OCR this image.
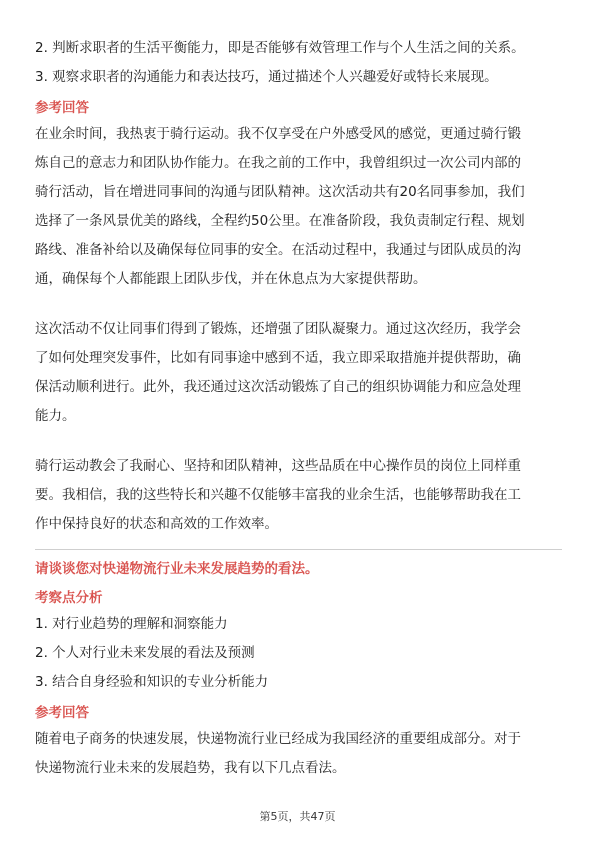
2. 判断求职者的生活平衡能力，即是否能够有效管理工作与个人生活之间的关系。
3. 观察求职者的沟通能力和表达技巧，通过描述个人兴趣爱好或特长来展现。
参考回答
在业余时间，我热衷于骑行运动。我不仅享受在户外感受风的感觉，更通过骑行锻
炼自己的意志力和团队协作能力。在我之前的工作中，我曾组织过一次公司内部的
骑行活动，旨在增进同事间的沟通与团队精神。这次活动共有20名同事参加，我们
选择了一条风景优美的路线，全程约50公里。在准备阶段，我负责制定行程、规划
路线、准备补给以及确保每位同事的安全。在活动过程中，我通过与团队成员的沟
通，确保每个人都能跟上团队步伐，并在休息点为大家提供帮助。
这次活动不仅让同事们得到了锻炼，还增强了团队凝聚力。通过这次经历，我学会
了如何处理突发事件，比如有同事途中感到不适，我立即采取措施并提供帮助，确
保活动顺利进行。此外，我还通过这次活动锻炼了自己的组织协调能力和应急处理
能力。
骑行运动教会了我耐心、坚持和团队精神，这些品质在中心操作员的岗位上同样重
要。我相信，我的这些特长和兴趣不仅能够丰富我的业余生活，也能够帮助我在工
作中保持良好的状态和高效的工作效率。
请谈谈您对快递物流行业未来发展趋势的看法。
考察点分析
1. 对行业趋势的理解和洞察能力
2. 个人对行业未来发展的看法及预测
3. 结合自身经验和知识的专业分析能力
参考回答
随着电子商务的快速发展，快递物流行业已经成为我国经济的重要组成部分。对于
快递物流行业未来的发展趋势，我有以下几点看法。
第5页，共47页
